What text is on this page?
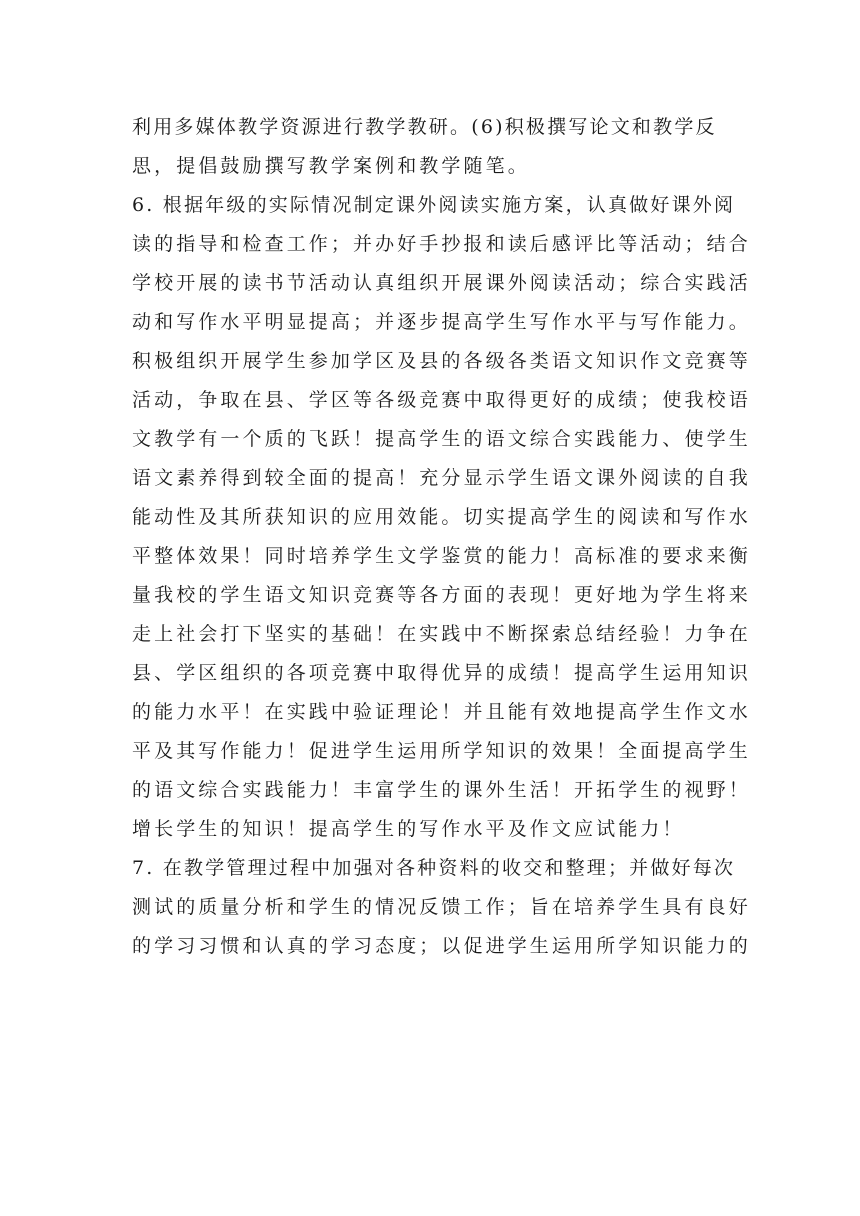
利用多媒体教学资源进行教学教研。(6)积极撰写论文和教学反
思，提倡鼓励撰写教学案例和教学随笔。
6. 根据年级的实际情况制定课外阅读实施方案，认真做好课外阅
读的指导和检查工作；并办好手抄报和读后感评比等活动；结合
学校开展的读书节活动认真组织开展课外阅读活动；综合实践活
动和写作水平明显提高；并逐步提高学生写作水平与写作能力。
积极组织开展学生参加学区及县的各级各类语文知识作文竞赛等
活动，争取在县、学区等各级竞赛中取得更好的成绩；使我校语
文教学有一个质的飞跃！提高学生的语文综合实践能力、使学生
语文素养得到较全面的提高！充分显示学生语文课外阅读的自我
能动性及其所获知识的应用效能。切实提高学生的阅读和写作水
平整体效果！同时培养学生文学鉴赏的能力！高标准的要求来衡
量我校的学生语文知识竞赛等各方面的表现！更好地为学生将来
走上社会打下坚实的基础！在实践中不断探索总结经验！力争在
县、学区组织的各项竞赛中取得优异的成绩！提高学生运用知识
的能力水平！在实践中验证理论！并且能有效地提高学生作文水
平及其写作能力！促进学生运用所学知识的效果！全面提高学生
的语文综合实践能力！丰富学生的课外生活！开拓学生的视野！
增长学生的知识！提高学生的写作水平及作文应试能力！
7. 在教学管理过程中加强对各种资料的收交和整理；并做好每次
测试的质量分析和学生的情况反馈工作；旨在培养学生具有良好
的学习习惯和认真的学习态度；以促进学生运用所学知识能力的
